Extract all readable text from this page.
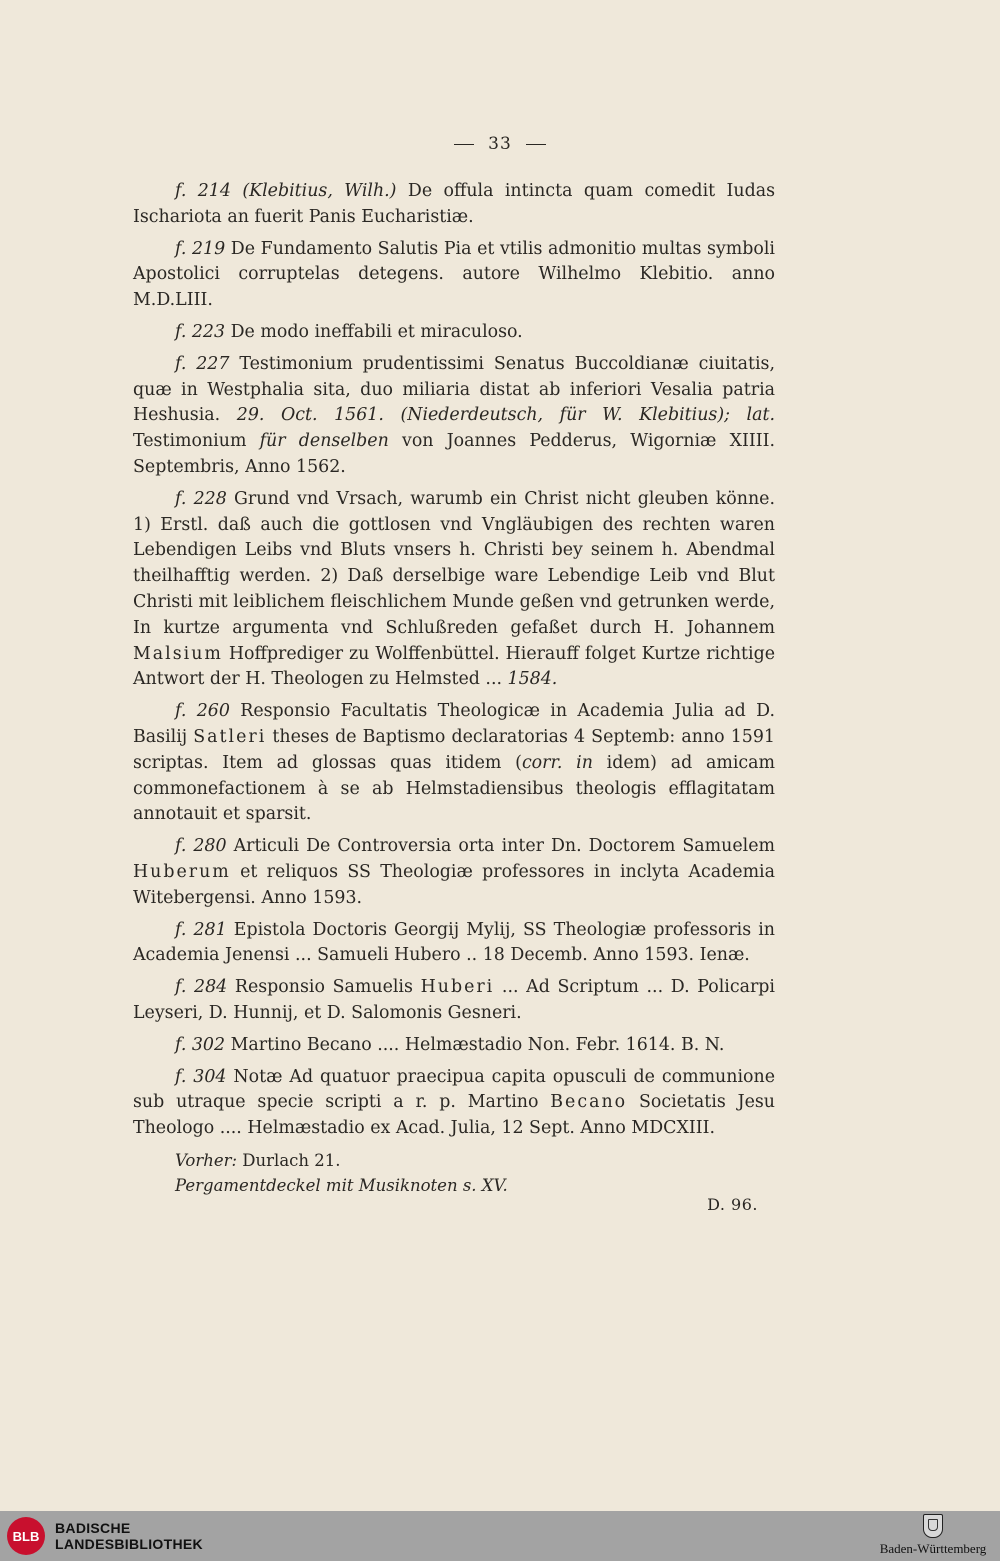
33

f. 214 (Klebitius, Wilh.) De offula intincta quam comedit Iudas Ischariota an fuerit Panis Eucharistiæ.

f. 219 De Fundamento Salutis Pia et vtilis admonitio multas symboli Apostolici corruptelas detegens. autore Wilhelmo Klebitio. anno M.D.LIII.

f. 223 De modo ineffabili et miraculoso.

f. 227 Testimonium prudentissimi Senatus Buccoldianæ ciuitatis, quæ in Westphalia sita, duo miliaria distat ab inferiori Vesalia patria Heshusia. 29. Oct. 1561. (Niederdeutsch, für W. Klebitius); lat. Testimonium für denselben von Joannes Pedderus, Wigorniæ XIIII. Septembris, Anno 1562.

f. 228 Grund vnd Vrsach, warumb ein Christ nicht gleuben könne. 1) Erstl. daß auch die gottlosen vnd Vngläubigen des rechten waren Lebendigen Leibs vnd Bluts vnsers h. Christi bey seinem h. Abendmal theilhafftig werden. 2) Daß derselbige ware Lebendige Leib vnd Blut Christi mit leiblichem fleischlichem Munde geßen vnd getrunken werde, In kurtze argumenta vnd Schlußreden gefaßet durch H. Johannem Malsium Hoffprediger zu Wolffenbüttel. Hierauff folget Kurtze richtige Antwort der H. Theologen zu Helmsted ... 1584.

f. 260 Responsio Facultatis Theologicæ in Academia Julia ad D. Basilij Satleri theses de Baptismo declaratorias 4 Septemb: anno 1591 scriptas. Item ad glossas quas itidem (corr. in idem) ad amicam commonefactionem à se ab Helmstadiensibus theologis efflagitatam annotauit et sparsit.

f. 280 Articuli De Controversia orta inter Dn. Doctorem Samuelem Huberum et reliquos SS Theologiæ professores in inclyta Academia Witebergensi. Anno 1593.

f. 281 Epistola Doctoris Georgij Mylij, SS Theologiæ professoris in Academia Jenensi ... Samueli Hubero .. 18 Decemb. Anno 1593. Ienæ.

f. 284 Responsio Samuelis Huberi ... Ad Scriptum ... D. Policarpi Leyseri, D. Hunnij, et D. Salomonis Gesneri.

f. 302 Martino Becano .... Helmæstadio Non. Febr. 1614. B. N.

f. 304 Notæ Ad quatuor praecipua capita opusculi de communione sub utraque specie scripti a r. p. Martino Becano Societatis Jesu Theologo .... Helmæstadio ex Acad. Julia, 12 Sept. Anno MDCXIII.

Vorher: Durlach 21.
Pergamentdeckel mit Musiknoten s. XV.
D. 96.
BLB BADISCHE
LANDESBIBLIOTHEK	Baden-Württemberg
